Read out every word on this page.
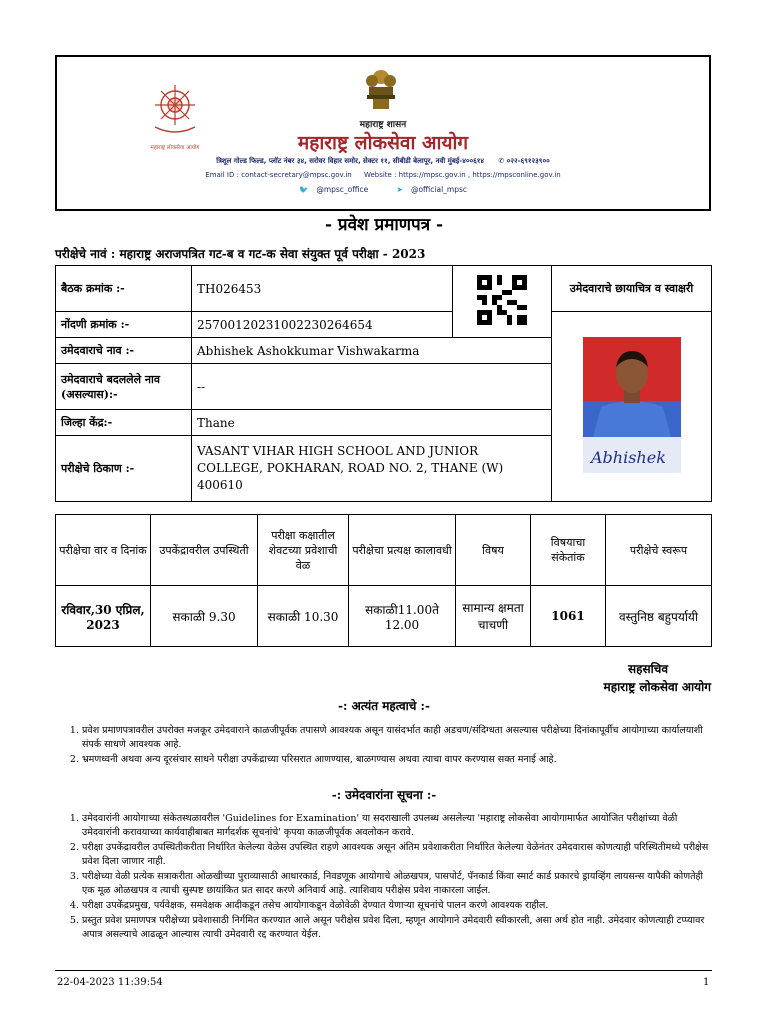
महाराष्ट्र लोकसेवा आयोग
महाराष्ट्र शासन
महाराष्ट्र लोकसेवा आयोग
त्रिशूल गोल्ड फिल्ड, प्लॉट नंबर ३४, सरोवर विहार समोर, सेक्टर ११, सीबीडी बेलापूर, नवी मुंबई-४००६१४ ✆ ०२२-६९१२३९००
Email ID : contact-secretary@mpsc.gov.in Website : https://mpsc.gov.in , https://mpsconline.gov.in
🐦 @mpsc_office	➤ @official_mpsc
- प्रवेश प्रमाणपत्र -
परीक्षेचे नावं : महाराष्ट्र अराजपत्रित गट-ब व गट-क सेवा संयुक्त पूर्व परीक्षा - 2023
बैठक क्रमांक :-	TH026453		उमेदवाराचे छायाचित्र व स्वाक्षरी
नोंदणी क्रमांक :-	25700120231002230264654		Abhishek

उमेदवाराचे नाव :-	Abhishek Ashokkumar Vishwakarma		
उमेदवाराचे बदललेले नाव (असल्यास):-	--		
जिल्हा केंद्र:-	Thane		
परीक्षेचे ठिकाण :-	VASANT VIHAR HIGH SCHOOL AND JUNIOR COLLEGE, POKHARAN, ROAD NO. 2, THANE (W) 400610		
परीक्षेचा वार व दिनांक	उपकेंद्रावरील उपस्थिती	परीक्षा कक्षातील शेवटच्या प्रवेशाची वेळ	परीक्षेचा प्रत्यक्ष कालावधी	विषय	विषयाचा संकेतांक	परीक्षेचे स्वरूप
रविवार,30 एप्रिल, 2023	सकाळी 9.30	सकाळी 10.30	सकाळी11.00ते 12.00	सामान्य क्षमता चाचणी	1061	वस्तुनिष्ठ बहुपर्यायी
सहसचिव
महाराष्ट्र लोकसेवा आयोग
-: अत्यंत महत्वाचे :-
1. प्रवेश प्रमाणपत्रावरील उपरोक्त मजकूर उमेदवाराने काळजीपूर्वक तपासणे आवश्यक असून यासंदर्भात काही अडचण/संदिग्धता असल्यास परीक्षेच्या दिनांकापूर्वीच आयोगाच्या कार्यालयाशी संपर्क साधणे आवश्यक आहे.
2. भ्रमणध्वनी अथवा अन्य दूरसंचार साधने परीक्षा उपकेंद्राच्या परिसरात आणण्यास, बाळगण्यास अथवा त्याचा वापर करण्यास सक्त मनाई आहे.
-: उमेदवारांना सूचना :-
1. उमेदवारांनी आयोगाच्या संकेतस्थळावरील 'Guidelines for Examination' या सदराखाली उपलब्ध असलेल्या 'महाराष्ट्र लोकसेवा आयोगामार्फत आयोजित परीक्षांच्या वेळी उमेदवारांनी करावयाच्या कार्यवाहीबाबत मार्गदर्शक सूचनांचे' कृपया काळजीपूर्वक अवलोकन करावे.
2. परीक्षा उपकेंद्रावरील उपस्थितीकरीता निर्धारित केलेल्या वेळेस उपस्थित राहणे आवश्यक असून अंतिम प्रवेशाकरीता निर्धारित केलेल्या वेळेनंतर उमेदवारास कोणत्याही परिस्थितीमध्ये परीक्षेस प्रवेश दिला जाणार नाही.
3. परीक्षेच्या वेळी प्रत्येक सत्राकरीता ओळखीच्या पुराव्यासाठी आधारकार्ड, निवडणूक आयोगाचे ओळखपत्र, पासपोर्ट, पॅनकार्ड किंवा स्मार्ट कार्ड प्रकारचे ड्रायव्हिंग लायसन्स यापैकी कोणतेही एक मूळ ओळखपत्र व त्याची सुस्पष्ट छायांकित प्रत सादर करणे अनिवार्य आहे. त्याशिवाय परीक्षेस प्रवेश नाकारला जाईल.
4. परीक्षा उपकेंद्रप्रमुख, पर्यवेक्षक, समवेक्षक आदीकडून तसेच आयोगाकडून वेळोवेळी देण्यात येणाऱ्या सूचनांचे पालन करणे आवश्यक राहील.
5. प्रस्तुत प्रवेश प्रमाणपत्र परीक्षेच्या प्रवेशासाठी निर्गमित करण्यात आले असून परीक्षेस प्रवेश दिला, म्हणून आयोगाने उमेदवारी स्वीकारली, असा अर्थ होत नाही. उमेदवार कोणत्याही टप्प्यावर अपात्र असल्याचे आढळून आल्यास त्याची उमेदवारी रद्द करण्यात येईल.
22-04-2023 11:39:54	1
